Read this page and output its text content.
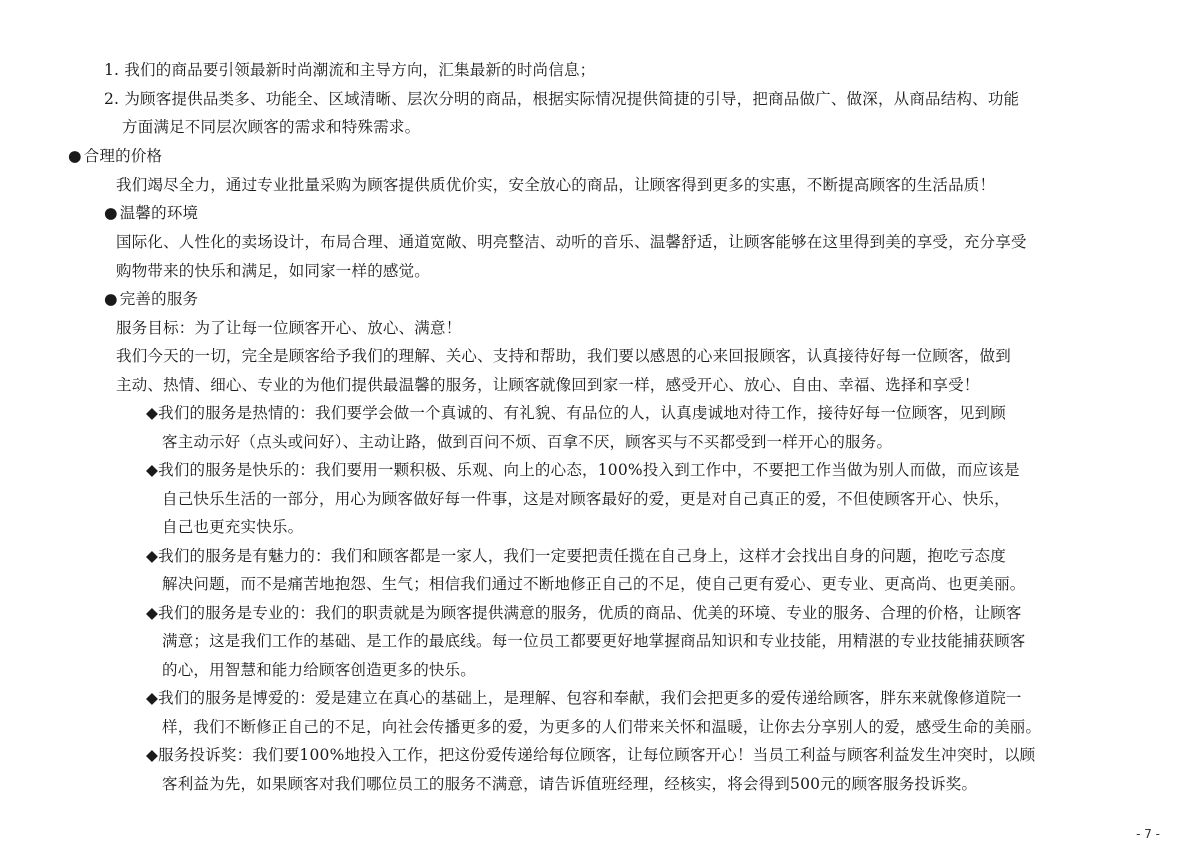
1. 我们的商品要引领最新时尚潮流和主导方向，汇集最新的时尚信息；
2. 为顾客提供品类多、功能全、区域清晰、层次分明的商品，根据实际情况提供简捷的引导，把商品做广、做深，从商品结构、功能
方面满足不同层次顾客的需求和特殊需求。
● 合理的价格
我们竭尽全力，通过专业批量采购为顾客提供质优价实，安全放心的商品，让顾客得到更多的实惠，不断提高顾客的生活品质！
● 温馨的环境
国际化、人性化的卖场设计，布局合理、通道宽敞、明亮整洁、动听的音乐、温馨舒适，让顾客能够在这里得到美的享受，充分享受
购物带来的快乐和满足，如同家一样的感觉。
● 完善的服务
服务目标：为了让每一位顾客开心、放心、满意！
我们今天的一切，完全是顾客给予我们的理解、关心、支持和帮助，我们要以感恩的心来回报顾客，认真接待好每一位顾客，做到
主动、热情、细心、专业的为他们提供最温馨的服务，让顾客就像回到家一样，感受开心、放心、自由、幸福、选择和享受！
◆我们的服务是热情的：我们要学会做一个真诚的、有礼貌、有品位的人，认真虔诚地对待工作，接待好每一位顾客，见到顾
客主动示好（点头或问好）、主动让路，做到百问不烦、百拿不厌，顾客买与不买都受到一样开心的服务。
◆我们的服务是快乐的：我们要用一颗积极、乐观、向上的心态，100%投入到工作中，不要把工作当做为别人而做，而应该是
自己快乐生活的一部分，用心为顾客做好每一件事，这是对顾客最好的爱，更是对自己真正的爱，不但使顾客开心、快乐，
自己也更充实快乐。
◆我们的服务是有魅力的：我们和顾客都是一家人，我们一定要把责任揽在自己身上，这样才会找出自身的问题，抱吃亏态度
解决问题，而不是痛苦地抱怨、生气；相信我们通过不断地修正自己的不足，使自己更有爱心、更专业、更高尚、也更美丽。
◆我们的服务是专业的：我们的职责就是为顾客提供满意的服务，优质的商品、优美的环境、专业的服务、合理的价格，让顾客
满意；这是我们工作的基础、是工作的最底线。每一位员工都要更好地掌握商品知识和专业技能，用精湛的专业技能捕获顾客
的心，用智慧和能力给顾客创造更多的快乐。
◆我们的服务是博爱的：爱是建立在真心的基础上，是理解、包容和奉献，我们会把更多的爱传递给顾客，胖东来就像修道院一
样，我们不断修正自己的不足，向社会传播更多的爱，为更多的人们带来关怀和温暖，让你去分享别人的爱，感受生命的美丽。
◆服务投诉奖：我们要100%地投入工作，把这份爱传递给每位顾客，让每位顾客开心！当员工利益与顾客利益发生冲突时，以顾
客利益为先，如果顾客对我们哪位员工的服务不满意，请告诉值班经理，经核实，将会得到500元的顾客服务投诉奖。
- 7 -
